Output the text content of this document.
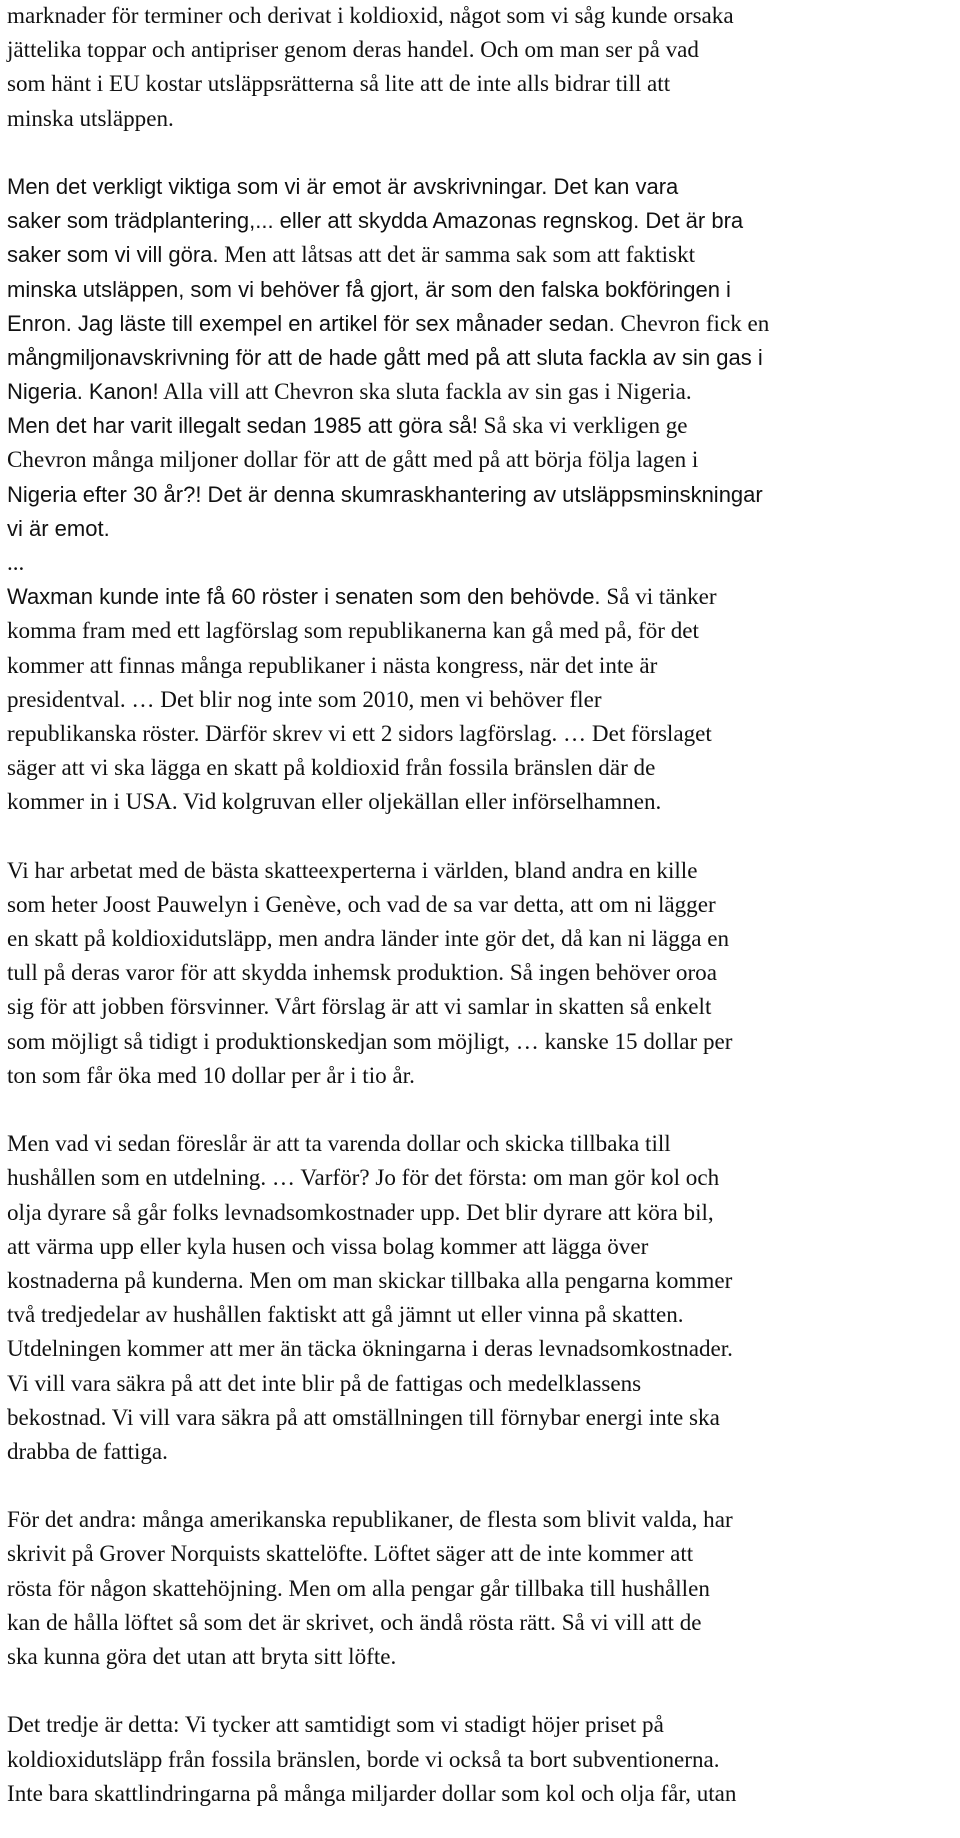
marknader för terminer och derivat i koldioxid, något som vi såg kunde orsaka
jättelika toppar och antipriser genom deras handel. Och om man ser på vad
som hänt i EU kostar utsläppsrätterna så lite att de inte alls bidrar till att
minska utsläppen.
Men det verkligt viktiga som vi är emot är avskrivningar. Det kan vara
saker som trädplantering,... eller att skydda Amazonas regnskog. Det är bra
saker som vi vill göra. Men att låtsas att det är samma sak som att faktiskt
minska utsläppen, som vi behöver få gjort, är som den falska bokföringen i
Enron. Jag läste till exempel en artikel för sex månader sedan. Chevron fick en
mångmiljonavskrivning för att de hade gått med på att sluta fackla av sin gas i
Nigeria. Kanon! Alla vill att Chevron ska sluta fackla av sin gas i Nigeria.
Men det har varit illegalt sedan 1985 att göra så! Så ska vi verkligen ge
Chevron många miljoner dollar för att de gått med på att börja följa lagen i
Nigeria efter 30 år?! Det är denna skumraskhantering av utsläppsminskningar
vi är emot.
...
Waxman kunde inte få 60 röster i senaten som den behövde. Så vi tänker
komma fram med ett lagförslag som republikanerna kan gå med på, för det
kommer att finnas många republikaner i nästa kongress, när det inte är
presidentval. … Det blir nog inte som 2010, men vi behöver fler
republikanska röster. Därför skrev vi ett 2 sidors lagförslag. … Det förslaget
säger att vi ska lägga en skatt på koldioxid från fossila bränslen där de
kommer in i USA. Vid kolgruvan eller oljekällan eller införselhamnen.
Vi har arbetat med de bästa skatteexperterna i världen, bland andra en kille
som heter Joost Pauwelyn i Genève, och vad de sa var detta, att om ni lägger
en skatt på koldioxidutsläpp, men andra länder inte gör det, då kan ni lägga en
tull på deras varor för att skydda inhemsk produktion. Så ingen behöver oroa
sig för att jobben försvinner. Vårt förslag är att vi samlar in skatten så enkelt
som möjligt så tidigt i produktionskedjan som möjligt, … kanske 15 dollar per
ton som får öka med 10 dollar per år i tio år.
Men vad vi sedan föreslår är att ta varenda dollar och skicka tillbaka till
hushållen som en utdelning. … Varför? Jo för det första: om man gör kol och
olja dyrare så går folks levnadsomkostnader upp. Det blir dyrare att köra bil,
att värma upp eller kyla husen och vissa bolag kommer att lägga över
kostnaderna på kunderna. Men om man skickar tillbaka alla pengarna kommer
två tredjedelar av hushållen faktiskt att gå jämnt ut eller vinna på skatten.
Utdelningen kommer att mer än täcka ökningarna i deras levnadsomkostnader.
Vi vill vara säkra på att det inte blir på de fattigas och medelklassens
bekostnad. Vi vill vara säkra på att omställningen till förnybar energi inte ska
drabba de fattiga.
För det andra: många amerikanska republikaner, de flesta som blivit valda, har
skrivit på Grover Norquists skattelöfte. Löftet säger att de inte kommer att
rösta för någon skattehöjning. Men om alla pengar går tillbaka till hushållen
kan de hålla löftet så som det är skrivet, och ändå rösta rätt. Så vi vill att de
ska kunna göra det utan att bryta sitt löfte.
Det tredje är detta: Vi tycker att samtidigt som vi stadigt höjer priset på
koldioxidutsläpp från fossila bränslen, borde vi också ta bort subventionerna.
Inte bara skattlindringarna på många miljarder dollar som kol och olja får, utan
